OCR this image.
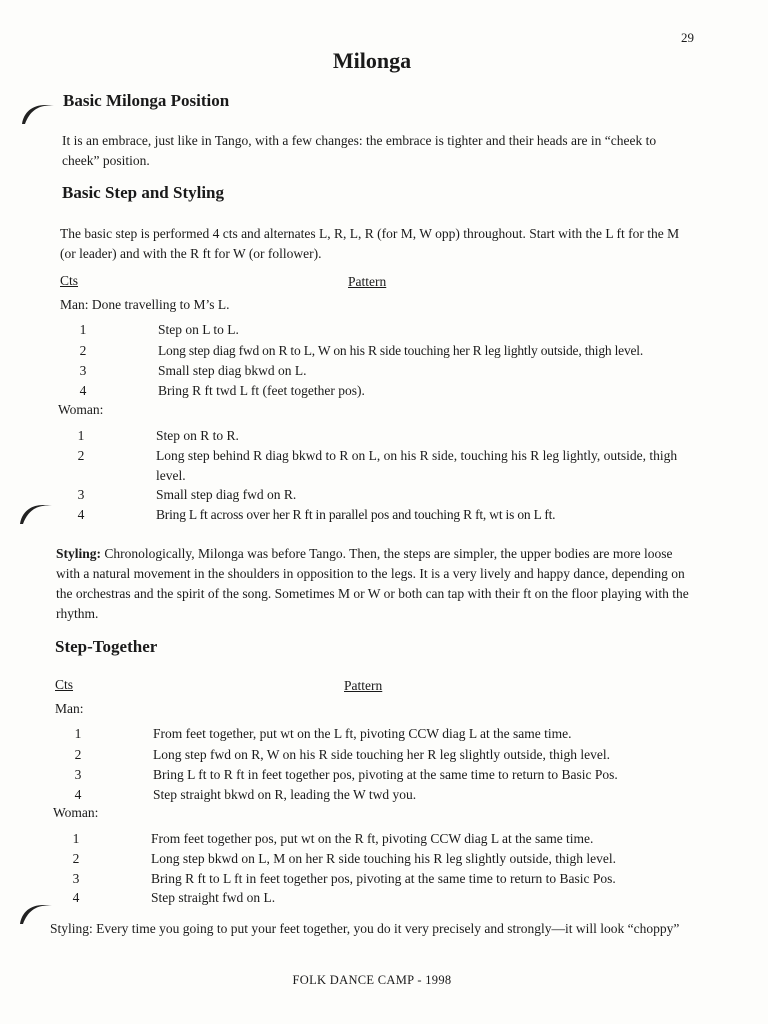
29
Milonga
Basic Milonga Position
It is an embrace, just like in Tango, with a few changes: the embrace is tighter and their heads are in “cheek to cheek” position.
Basic Step and Styling
The basic step is performed 4 cts and alternates L, R, L, R (for M, W opp) throughout. Start with the L ft for the M (or leader) and with the R ft for W (or follower).
Cts	Pattern
Man: Done travelling to M’s L.
1	Step on L to L.
2	Long step diag fwd on R to L, W on his R side touching her R leg lightly outside, thigh level.
3	Small step diag bkwd on L.
4	Bring R ft twd L ft (feet together pos).
Woman:
1	Step on R to R.
2	Long step behind R diag bkwd to R on L, on his R side, touching his R leg lightly, outside, thigh level.
3	Small step diag fwd on R.
4	Bring L ft across over her R ft in parallel pos and touching R ft, wt is on L ft.
Styling: Chronologically, Milonga was before Tango. Then, the steps are simpler, the upper bodies are more loose with a natural movement in the shoulders in opposition to the legs. It is a very lively and happy dance, depending on the orchestras and the spirit of the song. Sometimes M or W or both can tap with their ft on the floor playing with the rhythm.
Step-Together
Cts	Pattern
Man:
1	From feet together, put wt on the L ft, pivoting CCW diag L at the same time.
2	Long step fwd on R, W on his R side touching her R leg slightly outside, thigh level.
3	Bring L ft to R ft in feet together pos, pivoting at the same time to return to Basic Pos.
4	Step straight bkwd on R, leading the W twd you.
Woman:
1	From feet together pos, put wt on the R ft, pivoting CCW diag L at the same time.
2	Long step bkwd on L, M on her R side touching his R leg slightly outside, thigh level.
3	Bring R ft to L ft in feet together pos, pivoting at the same time to return to Basic Pos.
4	Step straight fwd on L.
Styling: Every time you going to put your feet together, you do it very precisely and strongly—it will look “choppy”
FOLK DANCE CAMP - 1998
